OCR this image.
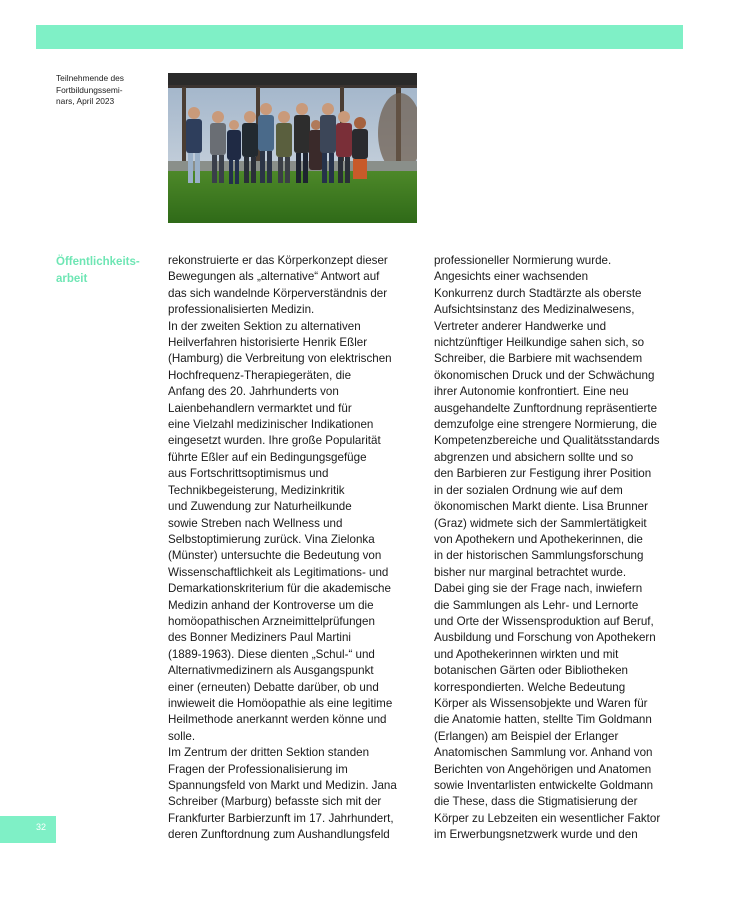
Teilnehmende des
Fortbildungssemi-
nars, April 2023
Öffentlichkeits-
arbeit
rekonstruierte er das Körperkonzept dieser
Bewegungen als „alternative“ Antwort auf
das sich wandelnde Körperverständnis der
professionalisierten Medizin.
In der zweiten Sektion zu alternativen
Heilverfahren historisierte Henrik Eßler
(Hamburg) die Verbreitung von elektrischen
Hochfrequenz-Therapiegeräten, die
Anfang des 20. Jahrhunderts von
Laienbehandlern vermarktet und für
eine Vielzahl medizinischer Indikationen
eingesetzt wurden. Ihre große Popularität
führte Eßler auf ein Bedingungsgefüge
aus Fortschrittsoptimismus und
Technikbegeisterung, Medizinkritik
und Zuwendung zur Naturheilkunde
sowie Streben nach Wellness und
Selbstoptimierung zurück. Vina Zielonka
(Münster) untersuchte die Bedeutung von
Wissenschaftlichkeit als Legitimations- und
Demarkationskriterium für die akademische
Medizin anhand der Kontroverse um die
homöopathischen Arzneimittelprüfungen
des Bonner Mediziners Paul Martini
(1889-1963). Diese dienten „Schul-“ und
Alternativmedizinern als Ausgangspunkt
einer (erneuten) Debatte darüber, ob und
inwieweit die Homöopathie als eine legitime
Heilmethode anerkannt werden könne und
solle.
Im Zentrum der dritten Sektion standen
Fragen der Professionalisierung im
Spannungsfeld von Markt und Medizin. Jana
Schreiber (Marburg) befasste sich mit der
Frankfurter Barbierzunft im 17. Jahrhundert,
deren Zunftordnung zum Aushandlungsfeld
professioneller Normierung wurde.
Angesichts einer wachsenden
Konkurrenz durch Stadtärzte als oberste
Aufsichtsinstanz des Medizinalwesens,
Vertreter anderer Handwerke und
nichtzünftiger Heilkundige sahen sich, so
Schreiber, die Barbiere mit wachsendem
ökonomischen Druck und der Schwächung
ihrer Autonomie konfrontiert. Eine neu
ausgehandelte Zunftordnung repräsentierte
demzufolge eine strengere Normierung, die
Kompetenzbereiche und Qualitätsstandards
abgrenzen und absichern sollte und so
den Barbieren zur Festigung ihrer Position
in der sozialen Ordnung wie auf dem
ökonomischen Markt diente. Lisa Brunner
(Graz) widmete sich der Sammlertätigkeit
von Apothekern und Apothekerinnen, die
in der historischen Sammlungsforschung
bisher nur marginal betrachtet wurde.
Dabei ging sie der Frage nach, inwiefern
die Sammlungen als Lehr- und Lernorte
und Orte der Wissensproduktion auf Beruf,
Ausbildung und Forschung von Apothekern
und Apothekerinnen wirkten und mit
botanischen Gärten oder Bibliotheken
korrespondierten. Welche Bedeutung
Körper als Wissensobjekte und Waren für
die Anatomie hatten, stellte Tim Goldmann
(Erlangen) am Beispiel der Erlanger
Anatomischen Sammlung vor. Anhand von
Berichten von Angehörigen und Anatomen
sowie Inventarlisten entwickelte Goldmann
die These, dass die Stigmatisierung der
Körper zu Lebzeiten ein wesentlicher Faktor
im Erwerbungsnetzwerk wurde und den
32
